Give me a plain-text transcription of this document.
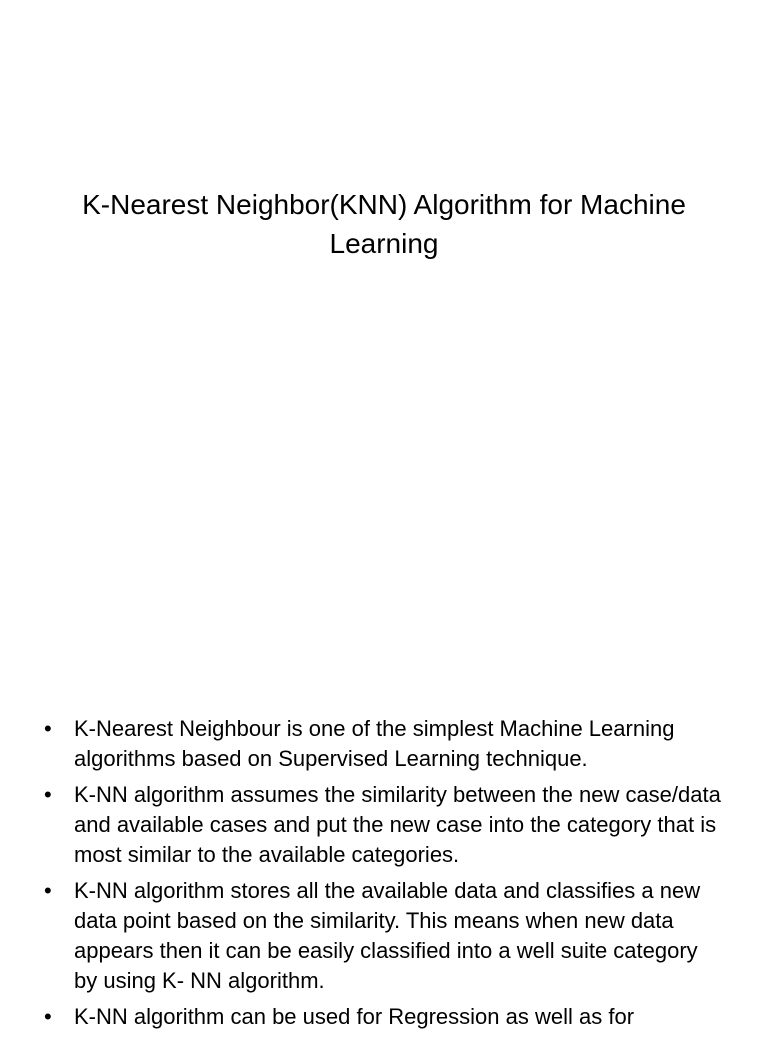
K-Nearest Neighbor(KNN) Algorithm for Machine Learning
• K-Nearest Neighbour is one of the simplest Machine Learning algorithms based on Supervised Learning technique.
• K-NN algorithm assumes the similarity between the new case/data and available cases and put the new case into the category that is most similar to the available categories.
• K-NN algorithm stores all the available data and classifies a new data point based on the similarity. This means when new data appears then it can be easily classified into a well suite category by using K- NN algorithm.
• K-NN algorithm can be used for Regression as well as for
